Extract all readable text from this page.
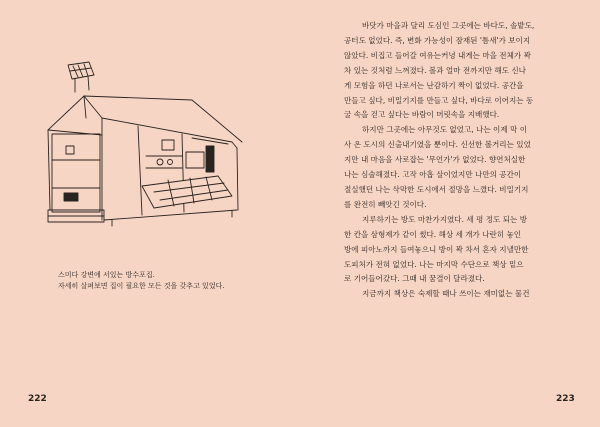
스미다 강변에 서있는 방수포집.

자세히 살펴보면 집이 필요한 모든 것을 갖추고 있었다.

222
바닷가 마을과 달리 도심인 그곳에는 바다도, 솔밭도,
공터도 없었다. 즉, 변화 가능성이 잠재된 '틈새'가 보이지
않았다. 비집고 들어갈 여유는커녕 내게는 마을 전체가 꽉
차 있는 것처럼 느껴졌다. 볼과 얼마 전까지만 해도 신나
게 모험을 하던 나로서는 난감하기 짝이 없었다. 공간을
만들고 싶다, 비밀기지를 만들고 싶다, 바다로 이어지는 동
굴 속을 걷고 싶다는 바람이 머릿속을 지배했다.
하지만 그곳에는 아무것도 없었고, 나는 이제 막 이
사 온 도시의 신출내기였을 뿐이다. 신선한 볼거리는 있었
지만 내 마음을 사로잡는 '무언가'가 없었다. 향연처실한
나는 심술해졌다. 고작 아홉 살이었지만 나만의 공간이
절실했던 나는 삭막한 도시에서 절망을 느꼈다. 비밀기지
를 완전히 빼앗긴 것이다.
지루하기는 방도 마찬가지였다. 세 평 정도 되는 방
한 칸을 삼형제가 같이 썼다. 해상 세 개가 나란히 놓인
방에 피아노까지 들여놓으니 방이 꽉 차서 혼자 지낼만한
도피처가 전혀 없었다. 나는 마지막 수단으로 책상 밑으
로 기어들어갔다. 그때 내 꿈결이 달라졌다.
지금까지 책상은 숙제할 때나 쓰이는 재미없는 물건
223
